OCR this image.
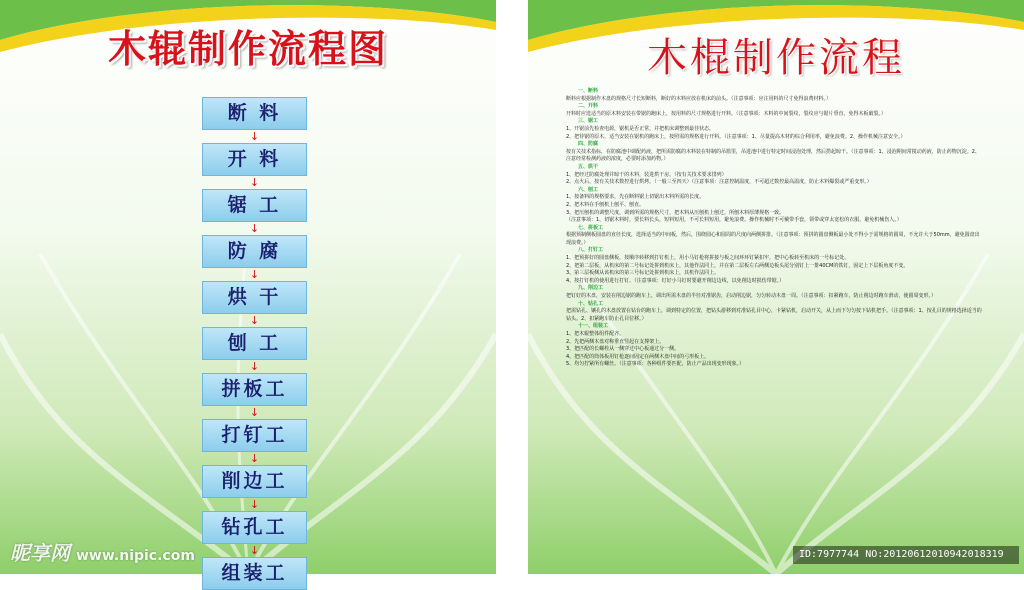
木辊制作流程图	木棍制作流程
断 料
↓
开 料
↓
锯 工
↓
防 腐
↓
烘 干
↓
刨 工
↓
拼板工
↓
打钉工
↓
削边工
↓
钻孔工
↓
组装工
一、断料
断料应根据制作木盘的规格尺寸长短断料，断好的木料应放在机床的前头。（注意事项：应注用料的尺寸免得浪费材料。）
二、开料
开料时应选适当的原木料安装在带锯的跑床上，按用料的尺寸规格进行开料。（注意事项：木料的中间裂纹，裂纹应与锯片垂直，免得木板破裂。）
三、锯工
1、开锯前先检查电源，锯机是否正常，并把机床调整到最佳状态。
2、把待锯的原木，适当安装在锯机的跑床上，按照需的规格进行开料。（注意事项：1、尽量提高木材的综合利用率，避免浪费。2、操作机械注意安全。）
四、防腐
按有关技术指标，在防腐池中调配药液，把所需防腐的木料装在特制的吊篮里，吊进池中进行特定时间浸泡处理，然后捞起晾干。（注意事项：1、浸泡期间常搅动药液，防止药物沉淀。2、注意经常检测药液的浓度，必要时添加药物。）
五、烘干
1、把经过防腐处理并晾干的木料，装进烘干房。（按有关技术要求排列）
2、点火后，按有关技术数控进行烘烤。（一般三至四天）（注意事项：注意控制温度，不可超过数控最高温度，防止木料爆裂或严重变形。）
六、刨工
1、按备料的规格要求，先在断料锯上切锯出木料所需的长度。
2、把木料在手刨机上刨平、刨直。
3、把压刨机的调整尺度，调到所需的规格尺寸，把木料从压刨机上刨过，所刨木料厚薄规格一致。
（注意事项：1、切锯木料时，要长料长头，短料短用，不可长料短用，避免浪费。操作机械时不可戴带手套，领带或穿太宽松的衣服，避免机械伤人。）
七、拼板工
根据预制侧板圆盘的直径长度，选择适当的中间板，然后，围绕圆心和圆周的尺度向两侧拼排。（注意事项：预拼的圆盘侧板最小处不得小于需规格的圆周，不允许大于50mm，避免圆盘出现浪费。）
八、打钉工
1、把预拼好的圆盘侧板，按顺序转移到打钉机上，用小马钉枪将拼接与板之间环环钉紧扣牢，把中心板转至机床的一号标记处。
2、把第二层板，从机床的第二号标记处拼到机床上，其他作法同上，并在第二层板左右两侧边板头尾分别钉上一排40CM的铁钉，固定上下层板角度不变。
3、第三层板侧从该机床的第三号标记处拼到机床上，其机作法同上。
4、按打钉机的使用进行打钉。（注意事项：钉好小马钉时要避开削边边线，以免削边时损伤带锯。）
九、削边工
把钉好的木盘，安装在削边锯的跑车上，调出所需木盘的半径对准锯齿，启动削边锯，匀匀转动木盘一周。（注意事项：扣紧跑车，防止削边时跑车滑动，使圆周变形。）
十、钻孔工
把需钻孔、镶孔的木盘放置在钻台的跑车上，调到特定的位置，把钻头游移到对准钻孔目中心，卡紧钻机，启动开关，从上而下匀匀按下钻机把手。（注意事项：1、按孔目的规格选择适当的钻头。2、扣紧跑车防止孔目位移。）
十一、组装工
1、把木辊整体组件配齐。
2、先把两侧木盘对称垂直竖起在支撑架上。
3、把匹配的长螺栓从一侧穿过中心板通过分一侧。
4、把匹配的筒体板用钉枪逐间固定在两侧木盘中间的弓形板上。
5、均匀拧紧所有螺丝。（注意事项：各种组件要匹配，防止产品出现变形现象。）
昵享网 www.nipic.com	ID:7977744 NO:20120612010942018319
